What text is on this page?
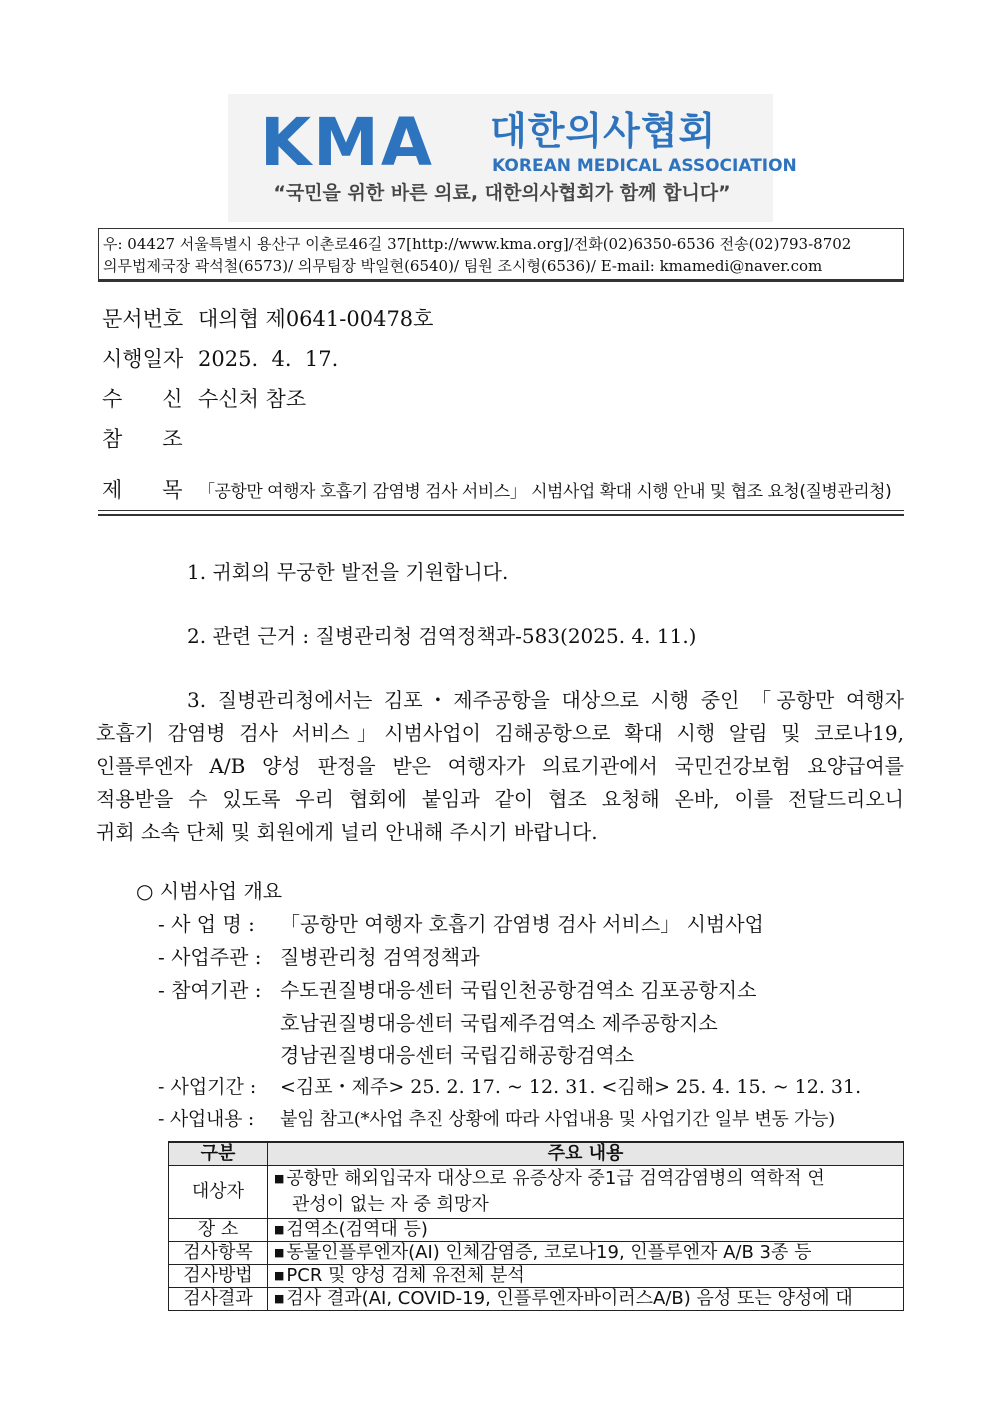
KMA 대한의사협회
KOREAN MEDICAL ASSOCIATION
“국민을 위한 바른 의료, 대한의사협회가 함께 합니다”
우: 04427 서울특별시 용산구 이촌로46길 37[http://www.kma.org]/전화(02)6350-6536 전송(02)793-8702
의무법제국장 곽석철(6573)/ 의무팀장 박일현(6540)/ 팀원 조시형(6536)/ E-mail: kmamedi@naver.com
문서번호 대의협 제0641-00478호
시행일자 2025.  4.  17.
수신수신처 참조
참조
제목「공항만 여행자 호흡기 감염병 검사 서비스」 시범사업 확대 시행 안내 및 협조 요청(질병관리청)
1. 귀회의 무궁한 발전을 기원합니다.
2. 관련 근거 : 질병관리청 검역정책과-583(2025. 4. 11.)
3. 질병관리청에서는 김포・제주공항을 대상으로 시행 중인 「공항만 여행자
호흡기 감염병 검사 서비스」시범사업이 김해공항으로 확대 시행 알림 및 코로나19,
인플루엔자 A/B 양성 판정을 받은 여행자가 의료기관에서 국민건강보험 요양급여를
적용받을 수 있도록 우리 협회에 붙임과 같이 협조 요청해 온바, 이를 전달드리오니
귀회 소속 단체 및 회원에게 널리 안내해 주시기 바랍니다.
○ 시범사업 개요
- 사 업 명 : 「공항만 여행자 호흡기 감염병 검사 서비스」 시범사업
- 사업주관 : 질병관리청 검역정책과
- 참여기관 : 수도권질병대응센터 국립인천공항검역소 김포공항지소
호남권질병대응센터 국립제주검역소 제주공항지소
경남권질병대응센터 국립김해공항검역소
- 사업기간 : <김포・제주> 25. 2. 17. ~ 12. 31. <김해> 25. 4. 15. ~ 12. 31.
- 사업내용 : 붙임 참고(*사업 추진 상황에 따라 사업내용 및 사업기간 일부 변동 가능)
구분	주요 내용
대상자	■ 공항만 해외입국자 대상으로 유증상자 중1급 검역감염병의 역학적 연
관성이 없는 자 중 희망자

장 소	■ 검역소(검역대 등)
검사항목	■ 동물인플루엔자(AI) 인체감염증, 코로나19, 인플루엔자 A/B 3종 등
검사방법	■ PCR 및 양성 검체 유전체 분석
검사결과	■ 검사 결과(AI, COVID-19, 인플루엔자바이러스A/B) 음성 또는 양성에 대
